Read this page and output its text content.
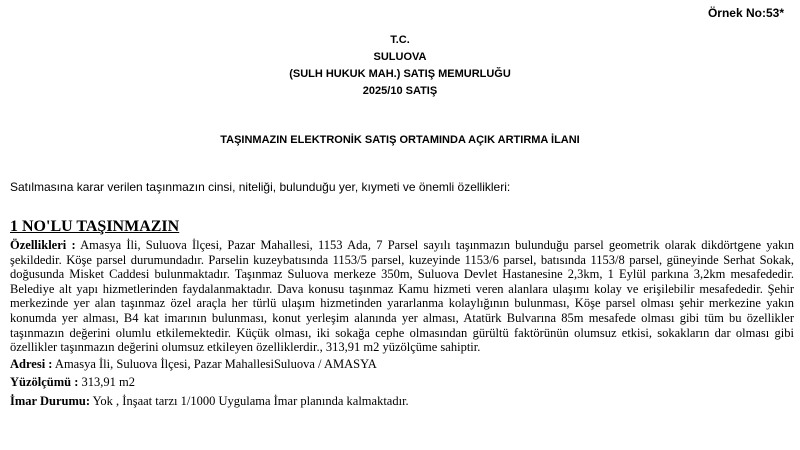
Örnek No:53*
T.C.
SULUOVA
(SULH HUKUK MAH.) SATIŞ MEMURLUĞU
2025/10 SATIŞ
TAŞINMAZIN ELEKTRONİK SATIŞ ORTAMINDA AÇIK ARTIRMA İLANI
Satılmasına karar verilen taşınmazın cinsi, niteliği, bulunduğu yer, kıymeti ve önemli özellikleri:
1 NO'LU TAŞINMAZIN

Özellikleri : Amasya İli, Suluova İlçesi, Pazar Mahallesi, 1153 Ada, 7 Parsel sayılı taşınmazın bulunduğu parsel geometrik olarak dikdörtgene yakın şekildedir. Köşe parsel durumundadır. Parselin kuzeybatısında 1153/5 parsel, kuzeyinde 1153/6 parsel, batısında 1153/8 parsel, güneyinde Serhat Sokak, doğusunda Misket Caddesi bulunmaktadır. Taşınmaz Suluova merkeze 350m, Suluova Devlet Hastanesine 2,3km, 1 Eylül parkına 3,2km mesafededir. Belediye alt yapı hizmetlerinden faydalanmaktadır. Dava konusu taşınmaz Kamu hizmeti veren alanlara ulaşımı kolay ve erişilebilir mesafededir. Şehir merkezinde yer alan taşınmaz özel araçla her türlü ulaşım hizmetinden yararlanma kolaylığının bulunması, Köşe parsel olması şehir merkezine yakın konumda yer alması, B4 kat imarının bulunması, konut yerleşim alanında yer alması, Atatürk Bulvarına 85m mesafede olması gibi tüm bu özellikler taşınmazın değerini olumlu etkilemektedir. Küçük olması, iki sokağa cephe olmasından gürültü faktörünün olumsuz etkisi, sokakların dar olması gibi özellikler taşınmazın değerini olumsuz etkileyen özelliklerdir., 313,91 m2 yüzölçüme sahiptir.

Adresi : Amasya İli, Suluova İlçesi, Pazar MahallesiSuluova / AMASYA

Yüzölçümü : 313,91 m2

İmar Durumu: Yok , İnşaat tarzı 1/1000 Uygulama İmar planında kalmaktadır.
